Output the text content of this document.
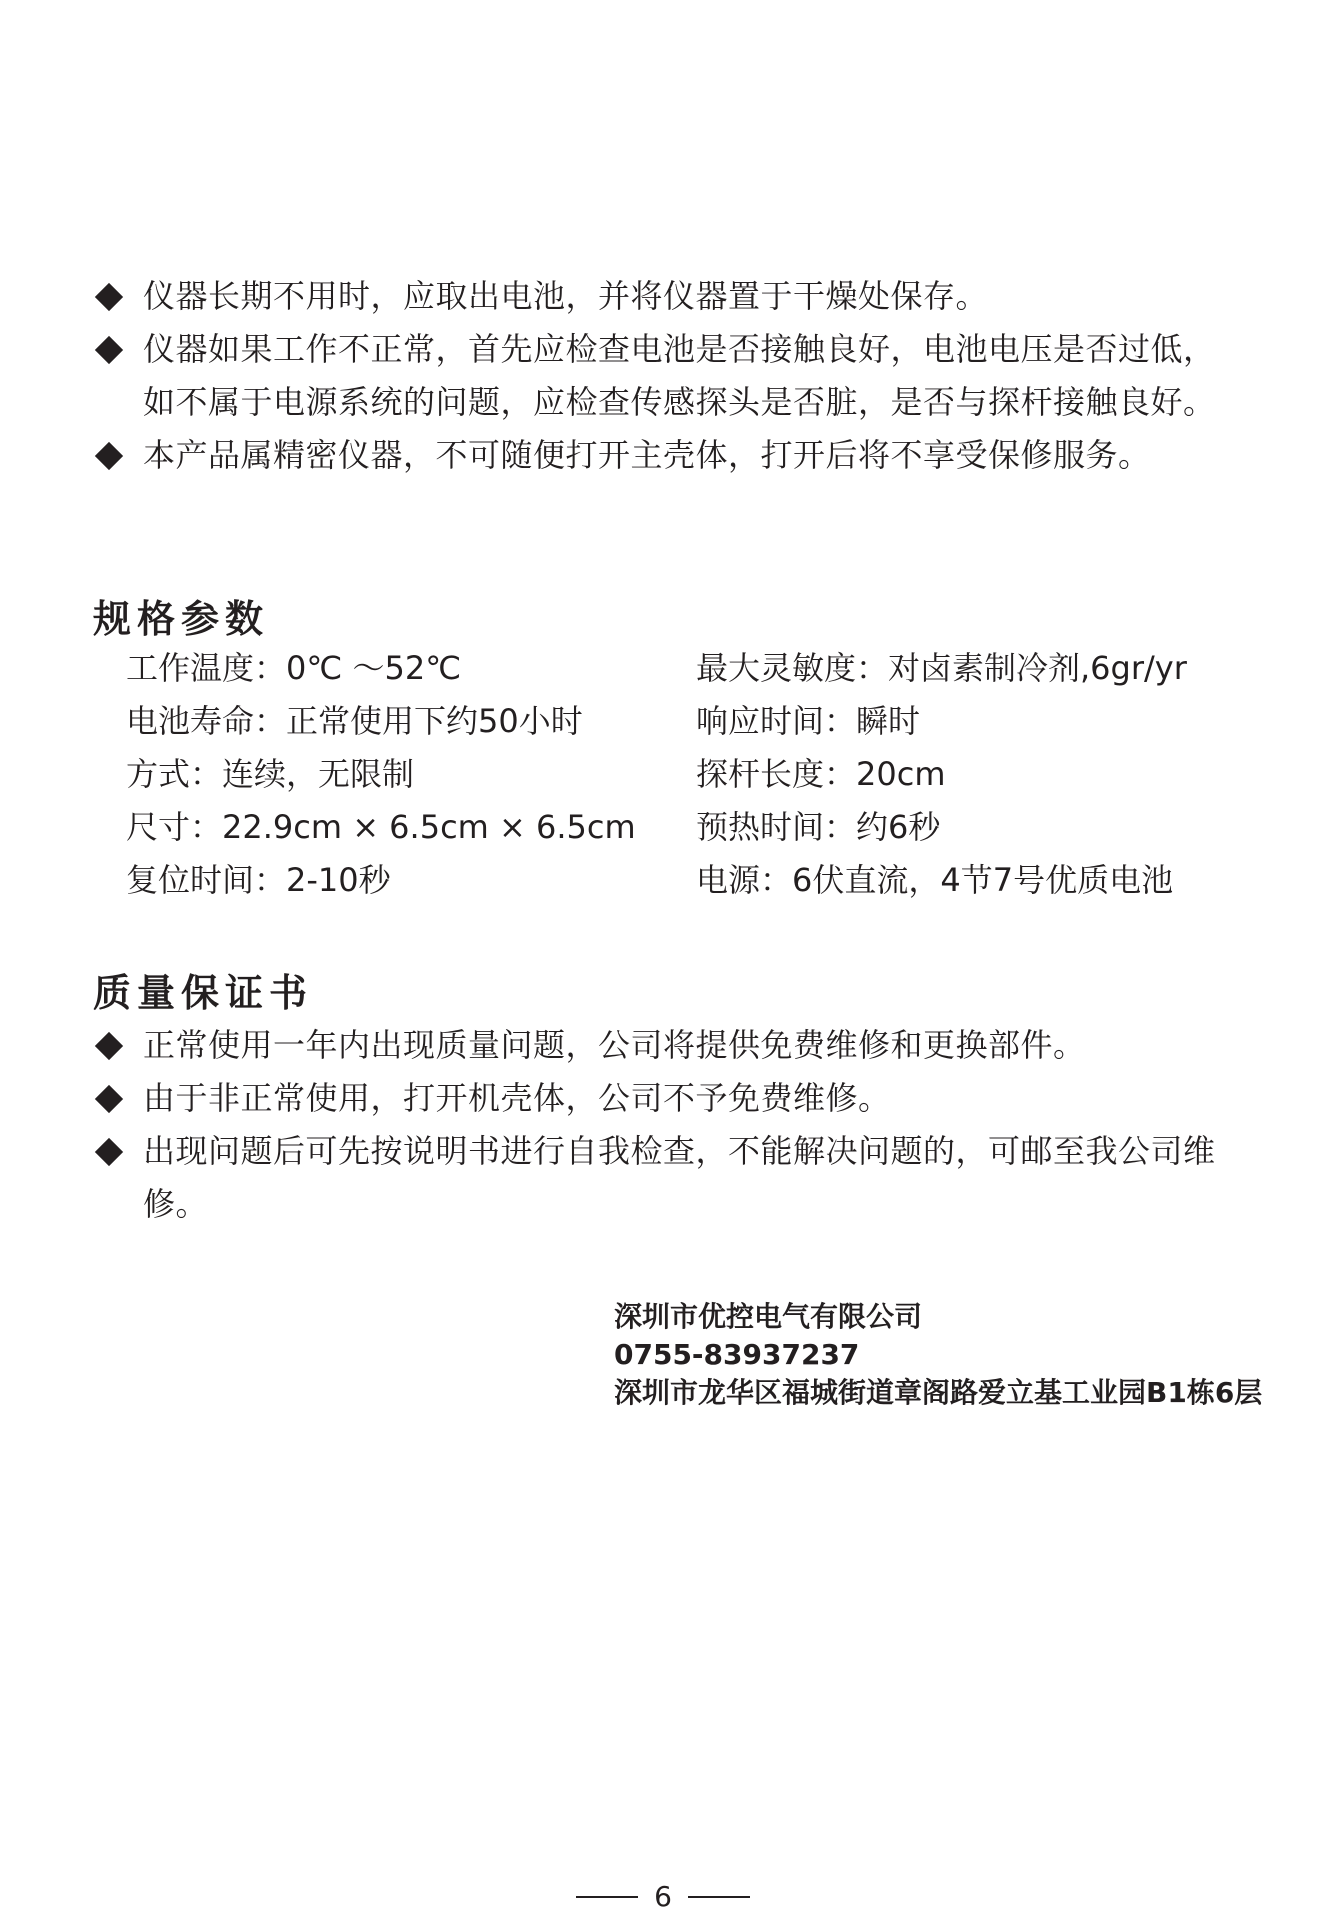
仪器长期不用时，应取出电池，并将仪器置于干燥处保存。
仪器如果工作不正常，首先应检查电池是否接触良好，电池电压是否过低，如不属于电源系统的问题，应检查传感探头是否脏，是否与探杆接触良好。
本产品属精密仪器，不可随便打开主壳体，打开后将不享受保修服务。
规格参数
工作温度：0℃ ～52℃	最大灵敏度：对卤素制冷剂,6gr/yr
电池寿命：正常使用下约50小时	响应时间：瞬时
方式：连续，无限制	探杆长度：20cm
尺寸：22.9cm × 6.5cm × 6.5cm	预热时间：约6秒
复位时间：2-10秒	电源：6伏直流，4节7号优质电池
质量保证书
正常使用一年内出现质量问题，公司将提供免费维修和更换部件。
由于非正常使用，打开机壳体，公司不予免费维修。
出现问题后可先按说明书进行自我检查，不能解决问题的，可邮至我公司维修。
深圳市优控电气有限公司
0755-83937237
深圳市龙华区福城街道章阁路爱立基工业园B1栋6层
6
